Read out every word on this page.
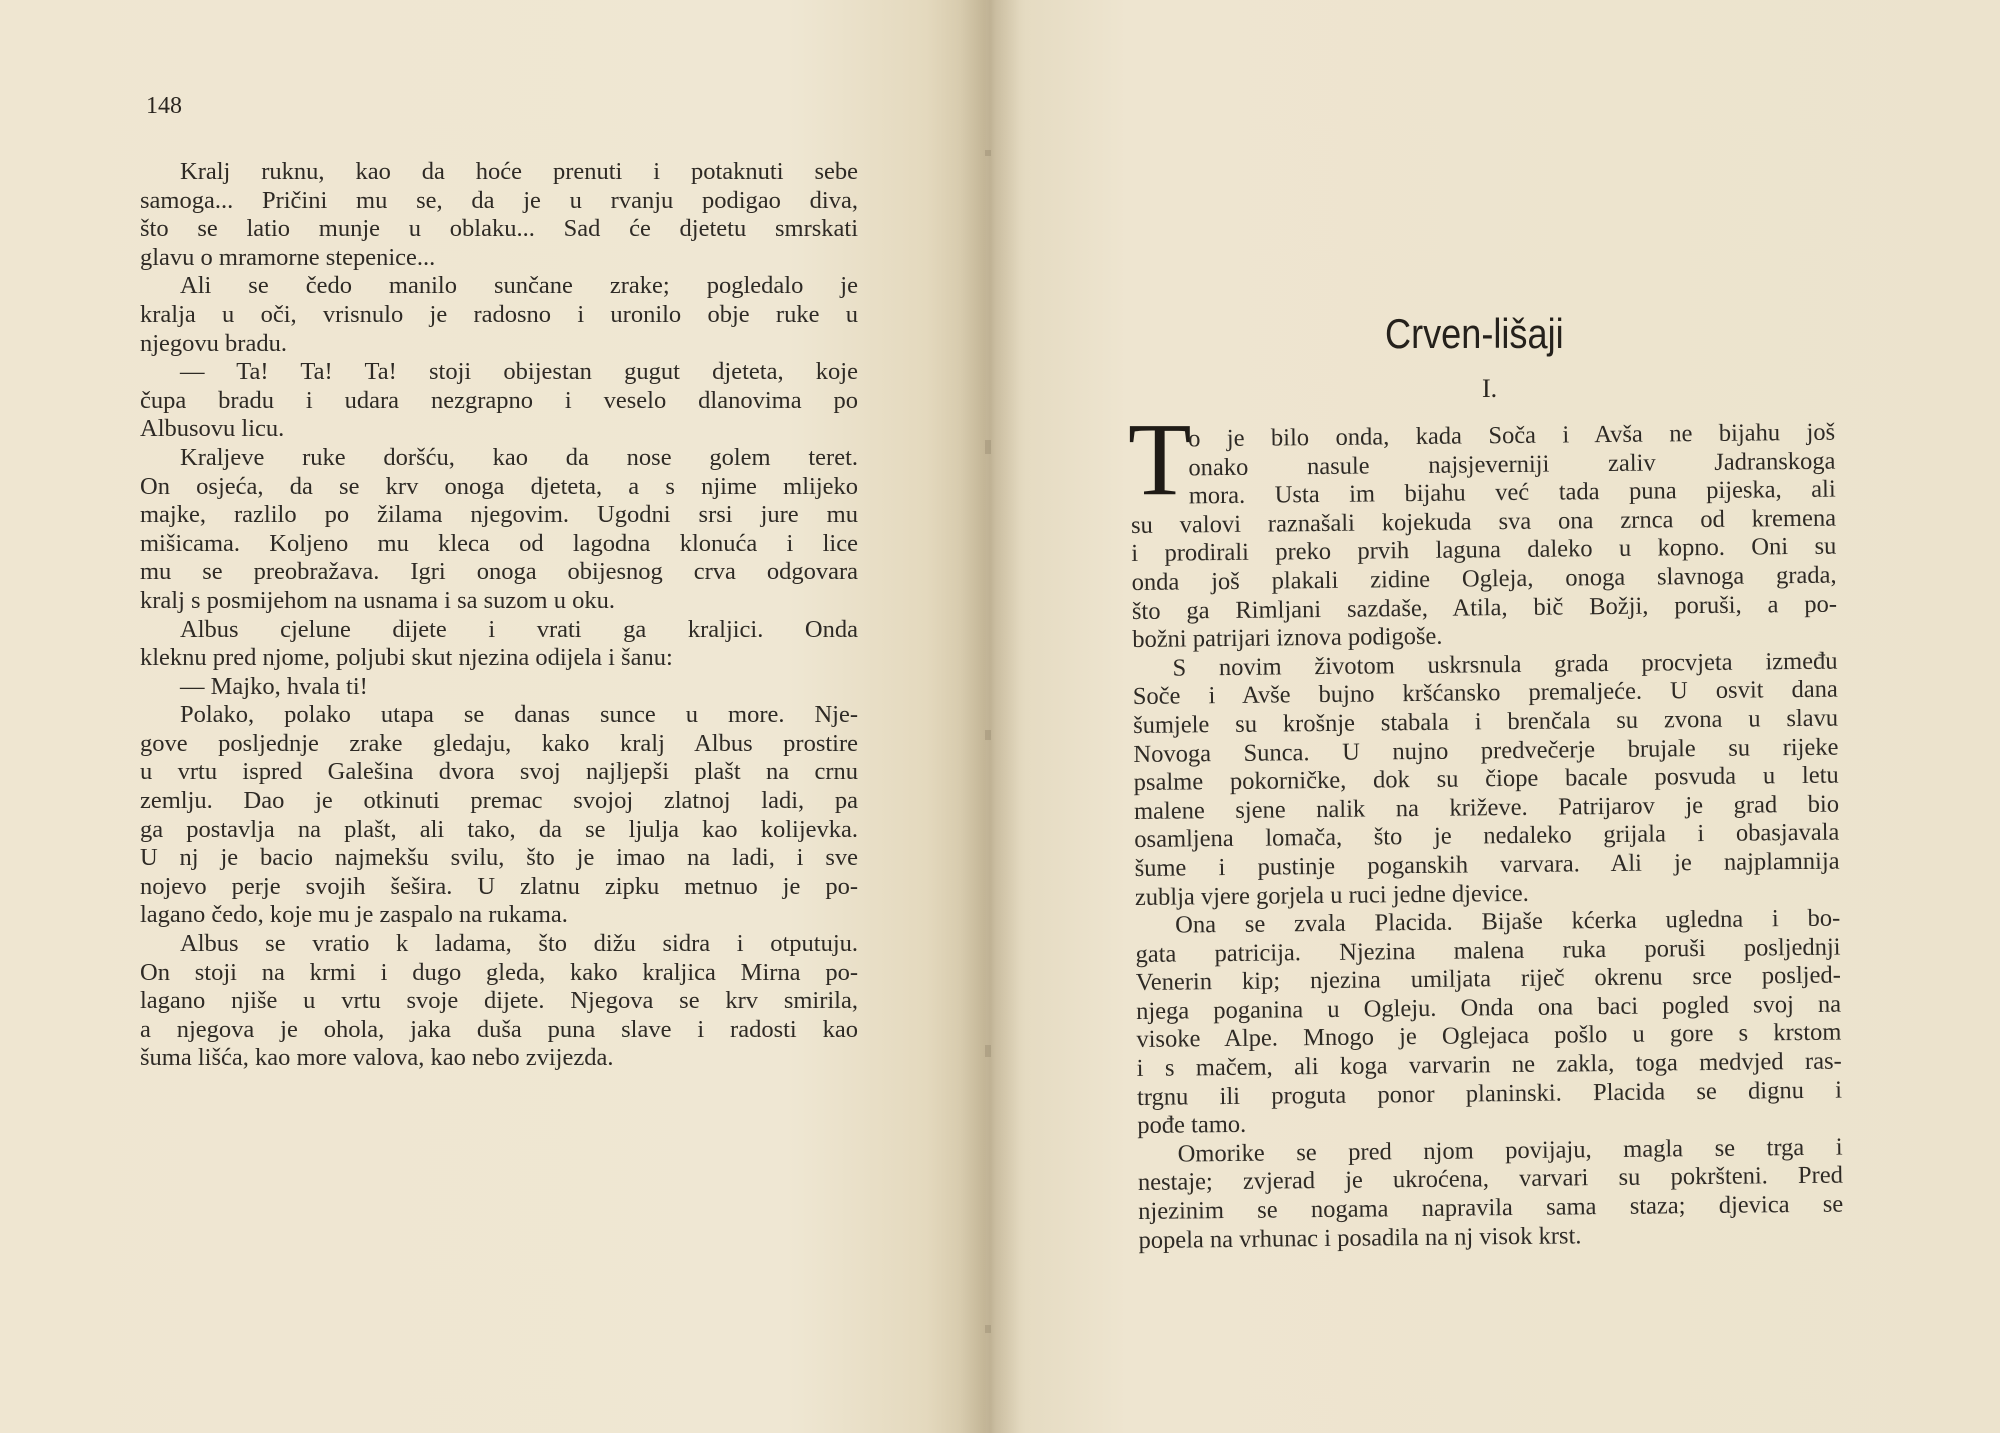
148
Kralj ruknu, kao da hoće prenuti i potaknuti sebe
samoga... Pričini mu se, da je u rvanju podigao diva,
što se latio munje u oblaku... Sad će djetetu smrskati
glavu o mramorne stepenice...
Ali se čedo manilo sunčane zrake; pogledalo je
kralja u oči, vrisnulo je radosno i uronilo obje ruke u
njegovu bradu.
— Ta! Ta! Ta! stoji obijestan gugut djeteta, koje
čupa bradu i udara nezgrapno i veselo dlanovima po
Albusovu licu.
Kraljeve ruke doršću, kao da nose golem teret.
On osjeća, da se krv onoga djeteta, a s njime mlijeko
majke, razlilo po žilama njegovim. Ugodni srsi jure mu
mišicama. Koljeno mu kleca od lagodna klonuća i lice
mu se preobražava. Igri onoga obijesnog crva odgovara
kralj s posmijehom na usnama i sa suzom u oku.
Albus cjelune dijete i vrati ga kraljici. Onda
kleknu pred njome, poljubi skut njezina odijela i šanu:
— Majko, hvala ti!
Polako, polako utapa se danas sunce u more. Nje-
gove posljednje zrake gledaju, kako kralj Albus prostire
u vrtu ispred Galešina dvora svoj najljepši plašt na crnu
zemlju. Dao je otkinuti premac svojoj zlatnoj ladi, pa
ga postavlja na plašt, ali tako, da se ljulja kao kolijevka.
U nj je bacio najmekšu svilu, što je imao na ladi, i sve
nojevo perje svojih šešira. U zlatnu zipku metnuo je po-
lagano čedo, koje mu je zaspalo na rukama.
Albus se vratio k ladama, što dižu sidra i otputuju.
On stoji na krmi i dugo gleda, kako kraljica Mirna po-
lagano njiše u vrtu svoje dijete. Njegova se krv smirila,
a njegova je ohola, jaka duša puna slave i radosti kao
šuma lišća, kao more valova, kao nebo zvijezda.
Crven-lišaji
I.
T
o je bilo onda, kada Soča i Avša ne bijahu još
onako nasule najsjeverniji zaliv Jadranskoga
mora. Usta im bijahu već tada puna pijeska, ali
su valovi raznašali kojekuda sva ona zrnca od kremena
i prodirali preko prvih laguna daleko u kopno. Oni su
onda još plakali zidine Ogleja, onoga slavnoga grada,
što ga Rimljani sazdaše, Atila, bič Božji, poruši, a po-
božni patrijari iznova podigoše.
S novim životom uskrsnula grada procvjeta između
Soče i Avše bujno kršćansko premaljeće. U osvit dana
šumjele su krošnje stabala i brenčala su zvona u slavu
Novoga Sunca. U nujno predvečerje brujale su rijeke
psalme pokorničke, dok su čiope bacale posvuda u letu
malene sjene nalik na križeve. Patrijarov je grad bio
osamljena lomača, što je nedaleko grijala i obasjavala
šume i pustinje poganskih varvara. Ali je najplamnija
zublja vjere gorjela u ruci jedne djevice.
Ona se zvala Placida. Bijaše kćerka ugledna i bo-
gata patricija. Njezina malena ruka poruši posljednji
Venerin kip; njezina umiljata riječ okrenu srce posljed-
njega poganina u Ogleju. Onda ona baci pogled svoj na
visoke Alpe. Mnogo je Oglejaca pošlo u gore s krstom
i s mačem, ali koga varvarin ne zakla, toga medvjed ras-
trgnu ili proguta ponor planinski. Placida se dignu i
pođe tamo.
Omorike se pred njom povijaju, magla se trga i
nestaje; zvjerad je ukroćena, varvari su pokršteni. Pred
njezinim se nogama napravila sama staza; djevica se
popela na vrhunac i posadila na nj visok krst.
